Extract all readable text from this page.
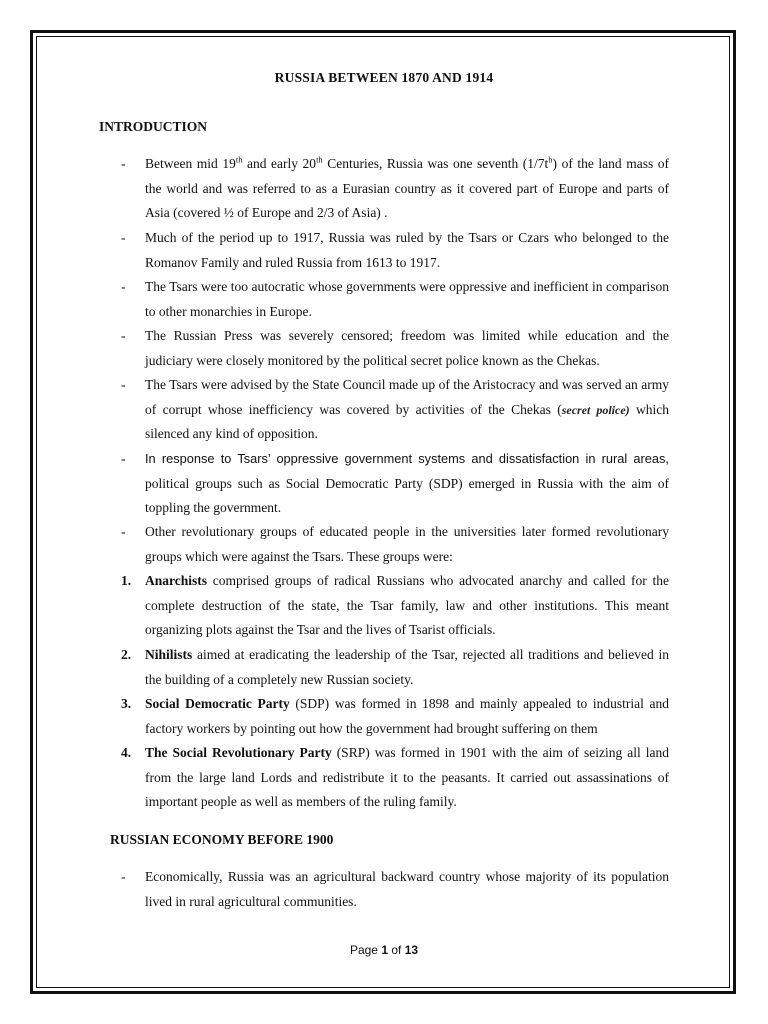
RUSSIA BETWEEN 1870 AND 1914
INTRODUCTION
- Between mid 19th and early 20th Centuries, Russia was one seventh $(1/7t^h)$ of the land mass of the world and was referred to as a Eurasian country as it covered part of Europe and parts of Asia (covered ½ of Europe and 2/3 of Asia) .
- Much of the period up to 1917, Russia was ruled by the Tsars or Czars who belonged to the Romanov Family and ruled Russia from 1613 to 1917.
- The Tsars were too autocratic whose governments were oppressive and inefficient in comparison to other monarchies in Europe.
- The Russian Press was severely censored; freedom was limited while education and the judiciary were closely monitored by the political secret police known as the Chekas.
- The Tsars were advised by the State Council made up of the Aristocracy and was served an army of corrupt whose inefficiency was covered by activities of the Chekas (secret police) which silenced any kind of opposition.
- In response to Tsars’ oppressive government systems and dissatisfaction in rural areas, political groups such as Social Democratic Party (SDP) emerged in Russia with the aim of toppling the government.
- Other revolutionary groups of educated people in the universities later formed revolutionary groups which were against the Tsars. These groups were:
1. Anarchists comprised groups of radical Russians who advocated anarchy and called for the complete destruction of the state, the Tsar family, law and other institutions. This meant organizing plots against the Tsar and the lives of Tsarist officials.
2. Nihilists aimed at eradicating the leadership of the Tsar, rejected all traditions and believed in the building of a completely new Russian society.
3. Social Democratic Party (SDP) was formed in 1898 and mainly appealed to industrial and factory workers by pointing out how the government had brought suffering on them
4. The Social Revolutionary Party (SRP) was formed in 1901 with the aim of seizing all land from the large land Lords and redistribute it to the peasants. It carried out assassinations of important people as well as members of the ruling family.
RUSSIAN ECONOMY BEFORE 1900
- Economically, Russia was an agricultural backward country whose majority of its population lived in rural agricultural communities.
Page 1 of 13
